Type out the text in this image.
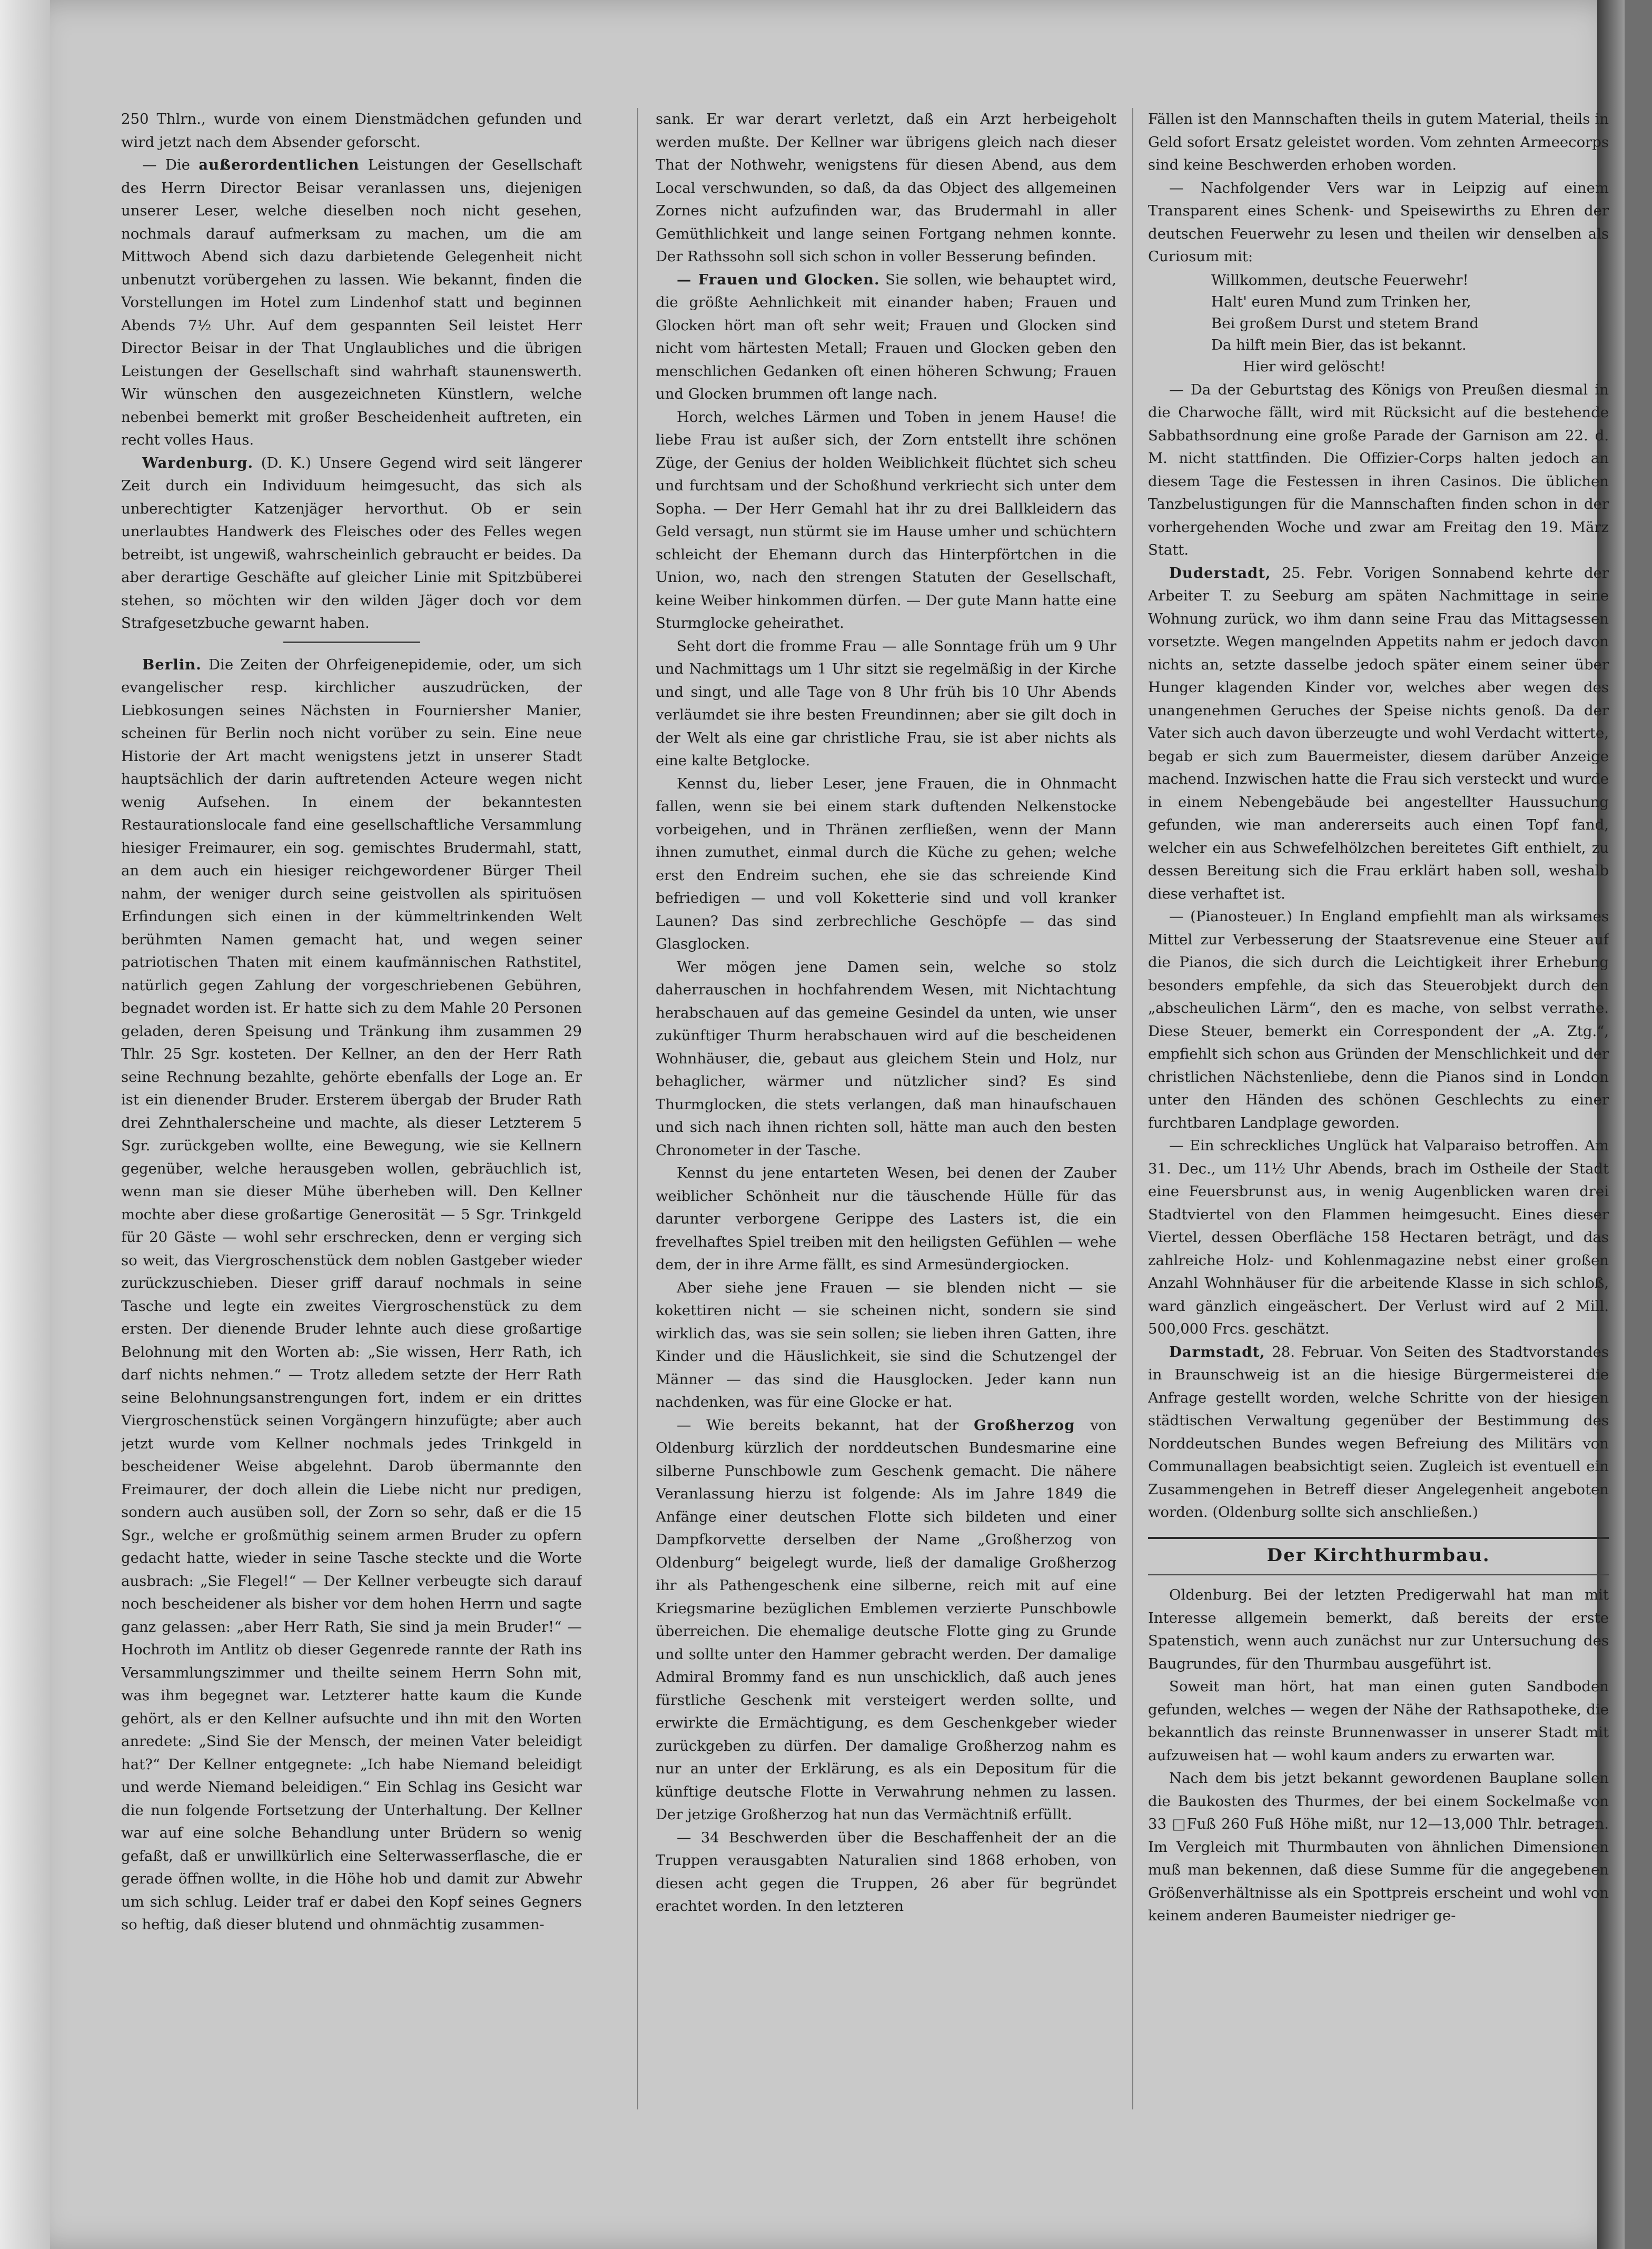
250 Thlrn., wurde von einem Dienstmädchen gefunden und wird jetzt nach dem Absender geforscht.

— Die außerordentlichen Leistungen der Gesellschaft des Herrn Director Beisar veranlassen uns, diejenigen unserer Leser, welche dieselben noch nicht gesehen, nochmals darauf aufmerksam zu machen, um die am Mittwoch Abend sich dazu darbietende Gelegenheit nicht unbenutzt vorübergehen zu lassen. Wie bekannt, finden die Vorstellungen im Hotel zum Lindenhof statt und beginnen Abends 7½ Uhr. Auf dem gespannten Seil leistet Herr Director Beisar in der That Unglaubliches und die übrigen Leistungen der Gesellschaft sind wahrhaft staunenswerth. Wir wünschen den ausgezeichneten Künstlern, welche nebenbei bemerkt mit großer Bescheidenheit auftreten, ein recht volles Haus.

Wardenburg. (D. K.) Unsere Gegend wird seit längerer Zeit durch ein Individuum heimgesucht, das sich als unberechtigter Katzenjäger hervorthut. Ob er sein unerlaubtes Handwerk des Fleisches oder des Felles wegen betreibt, ist ungewiß, wahrscheinlich gebraucht er beides. Da aber derartige Geschäfte auf gleicher Linie mit Spitzbüberei stehen, so möchten wir den wilden Jäger doch vor dem Strafgesetzbuche gewarnt haben.

Berlin. Die Zeiten der Ohrfeigenepidemie, oder, um sich evangelischer resp. kirchlicher auszudrücken, der Liebkosungen seines Nächsten in Fourniersher Manier, scheinen für Berlin noch nicht vorüber zu sein. Eine neue Historie der Art macht wenigstens jetzt in unserer Stadt hauptsächlich der darin auftretenden Acteure wegen nicht wenig Aufsehen. In einem der bekanntesten Restaurationslocale fand eine gesellschaftliche Versammlung hiesiger Freimaurer, ein sog. gemischtes Brudermahl, statt, an dem auch ein hiesiger reichgewordener Bürger Theil nahm, der weniger durch seine geistvollen als spirituösen Erfindungen sich einen in der kümmeltrinkenden Welt berühmten Namen gemacht hat, und wegen seiner patriotischen Thaten mit einem kaufmännischen Rathstitel, natürlich gegen Zahlung der vorgeschriebenen Gebühren, begnadet worden ist. Er hatte sich zu dem Mahle 20 Personen geladen, deren Speisung und Tränkung ihm zusammen 29 Thlr. 25 Sgr. kosteten. Der Kellner, an den der Herr Rath seine Rechnung bezahlte, gehörte ebenfalls der Loge an. Er ist ein dienender Bruder. Ersterem übergab der Bruder Rath drei Zehnthalerscheine und machte, als dieser Letzterem 5 Sgr. zurückgeben wollte, eine Bewegung, wie sie Kellnern gegenüber, welche herausgeben wollen, gebräuchlich ist, wenn man sie dieser Mühe überheben will. Den Kellner mochte aber diese großartige Generosität — 5 Sgr. Trinkgeld für 20 Gäste — wohl sehr erschrecken, denn er verging sich so weit, das Viergroschenstück dem noblen Gastgeber wieder zurückzuschieben. Dieser griff darauf nochmals in seine Tasche und legte ein zweites Viergroschenstück zu dem ersten. Der dienende Bruder lehnte auch diese großartige Belohnung mit den Worten ab: „Sie wissen, Herr Rath, ich darf nichts nehmen.“ — Trotz alledem setzte der Herr Rath seine Belohnungsanstrengungen fort, indem er ein drittes Viergroschenstück seinen Vorgängern hinzufügte; aber auch jetzt wurde vom Kellner nochmals jedes Trinkgeld in bescheidener Weise abgelehnt. Darob übermannte den Freimaurer, der doch allein die Liebe nicht nur predigen, sondern auch ausüben soll, der Zorn so sehr, daß er die 15 Sgr., welche er großmüthig seinem armen Bruder zu opfern gedacht hatte, wieder in seine Tasche steckte und die Worte ausbrach: „Sie Flegel!“ — Der Kellner verbeugte sich darauf noch bescheidener als bisher vor dem hohen Herrn und sagte ganz gelassen: „aber Herr Rath, Sie sind ja mein Bruder!“ — Hochroth im Antlitz ob dieser Gegenrede rannte der Rath ins Versammlungszimmer und theilte seinem Herrn Sohn mit, was ihm begegnet war. Letzterer hatte kaum die Kunde gehört, als er den Kellner aufsuchte und ihn mit den Worten anredete: „Sind Sie der Mensch, der meinen Vater beleidigt hat?“ Der Kellner entgegnete: „Ich habe Niemand beleidigt und werde Niemand beleidigen.“ Ein Schlag ins Gesicht war die nun folgende Fortsetzung der Unterhaltung. Der Kellner war auf eine solche Behandlung unter Brüdern so wenig gefaßt, daß er unwillkürlich eine Selterwasserflasche, die er gerade öffnen wollte, in die Höhe hob und damit zur Abwehr um sich schlug. Leider traf er dabei den Kopf seines Gegners so heftig, daß dieser blutend und ohnmächtig zusammen-

sank. Er war derart verletzt, daß ein Arzt herbeigeholt werden mußte. Der Kellner war übrigens gleich nach dieser That der Nothwehr, wenigstens für diesen Abend, aus dem Local verschwunden, so daß, da das Object des allgemeinen Zornes nicht aufzufinden war, das Brudermahl in aller Gemüthlichkeit und lange seinen Fortgang nehmen konnte. Der Rathssohn soll sich schon in voller Besserung befinden.

— Frauen und Glocken. Sie sollen, wie behauptet wird, die größte Aehnlichkeit mit einander haben; Frauen und Glocken hört man oft sehr weit; Frauen und Glocken sind nicht vom härtesten Metall; Frauen und Glocken geben den menschlichen Gedanken oft einen höheren Schwung; Frauen und Glocken brummen oft lange nach.

Horch, welches Lärmen und Toben in jenem Hause! die liebe Frau ist außer sich, der Zorn entstellt ihre schönen Züge, der Genius der holden Weiblichkeit flüchtet sich scheu und furchtsam und der Schoßhund verkriecht sich unter dem Sopha. — Der Herr Gemahl hat ihr zu drei Ballkleidern das Geld versagt, nun stürmt sie im Hause umher und schüchtern schleicht der Ehemann durch das Hinterpförtchen in die Union, wo, nach den strengen Statuten der Gesellschaft, keine Weiber hinkommen dürfen. — Der gute Mann hatte eine Sturmglocke geheirathet.

Seht dort die fromme Frau — alle Sonntage früh um 9 Uhr und Nachmittags um 1 Uhr sitzt sie regelmäßig in der Kirche und singt, und alle Tage von 8 Uhr früh bis 10 Uhr Abends verläumdet sie ihre besten Freundinnen; aber sie gilt doch in der Welt als eine gar christliche Frau, sie ist aber nichts als eine kalte Betglocke.

Kennst du, lieber Leser, jene Frauen, die in Ohnmacht fallen, wenn sie bei einem stark duftenden Nelkenstocke vorbeigehen, und in Thränen zerfließen, wenn der Mann ihnen zumuthet, einmal durch die Küche zu gehen; welche erst den Endreim suchen, ehe sie das schreiende Kind befriedigen — und voll Koketterie sind und voll kranker Launen? Das sind zerbrechliche Geschöpfe — das sind Glasglocken.

Wer mögen jene Damen sein, welche so stolz daherrauschen in hochfahrendem Wesen, mit Nichtachtung herabschauen auf das gemeine Gesindel da unten, wie unser zukünftiger Thurm herabschauen wird auf die bescheidenen Wohnhäuser, die, gebaut aus gleichem Stein und Holz, nur behaglicher, wärmer und nützlicher sind? Es sind Thurmglocken, die stets verlangen, daß man hinaufschauen und sich nach ihnen richten soll, hätte man auch den besten Chronometer in der Tasche.

Kennst du jene entarteten Wesen, bei denen der Zauber weiblicher Schönheit nur die täuschende Hülle für das darunter verborgene Gerippe des Lasters ist, die ein frevelhaftes Spiel treiben mit den heiligsten Gefühlen — wehe dem, der in ihre Arme fällt, es sind Armesündergiocken.

Aber siehe jene Frauen — sie blenden nicht — sie kokettiren nicht — sie scheinen nicht, sondern sie sind wirklich das, was sie sein sollen; sie lieben ihren Gatten, ihre Kinder und die Häuslichkeit, sie sind die Schutzengel der Männer — das sind die Hausglocken. Jeder kann nun nachdenken, was für eine Glocke er hat.

— Wie bereits bekannt, hat der Großherzog von Oldenburg kürzlich der norddeutschen Bundesmarine eine silberne Punschbowle zum Geschenk gemacht. Die nähere Veranlassung hierzu ist folgende: Als im Jahre 1849 die Anfänge einer deutschen Flotte sich bildeten und einer Dampfkorvette derselben der Name „Großherzog von Oldenburg“ beigelegt wurde, ließ der damalige Großherzog ihr als Pathengeschenk eine silberne, reich mit auf eine Kriegsmarine bezüglichen Emblemen verzierte Punschbowle überreichen. Die ehemalige deutsche Flotte ging zu Grunde und sollte unter den Hammer gebracht werden. Der damalige Admiral Brommy fand es nun unschicklich, daß auch jenes fürstliche Geschenk mit versteigert werden sollte, und erwirkte die Ermächtigung, es dem Geschenkgeber wieder zurückgeben zu dürfen. Der damalige Großherzog nahm es nur an unter der Erklärung, es als ein Depositum für die künftige deutsche Flotte in Verwahrung nehmen zu lassen. Der jetzige Großherzog hat nun das Vermächtniß erfüllt.

— 34 Beschwerden über die Beschaffenheit der an die Truppen verausgabten Naturalien sind 1868 erhoben, von diesen acht gegen die Truppen, 26 aber für begründet erachtet worden. In den letzteren

Fällen ist den Mannschaften theils in gutem Material, theils in Geld sofort Ersatz geleistet worden. Vom zehnten Armeecorps sind keine Beschwerden erhoben worden.

— Nachfolgender Vers war in Leipzig auf einem Transparent eines Schenk- und Speisewirths zu Ehren der deutschen Feuerwehr zu lesen und theilen wir denselben als Curiosum mit:

Willkommen, deutsche Feuerwehr!
Halt' euren Mund zum Trinken her,
Bei großem Durst und stetem Brand
Da hilft mein Bier, das ist bekannt.
Hier wird gelöscht!

— Da der Geburtstag des Königs von Preußen diesmal in die Charwoche fällt, wird mit Rücksicht auf die bestehende Sabbathsordnung eine große Parade der Garnison am 22. d. M. nicht stattfinden. Die Offizier-Corps halten jedoch an diesem Tage die Festessen in ihren Casinos. Die üblichen Tanzbelustigungen für die Mannschaften finden schon in der vorhergehenden Woche und zwar am Freitag den 19. März Statt.

Duderstadt, 25. Febr. Vorigen Sonnabend kehrte der Arbeiter T. zu Seeburg am späten Nachmittage in seine Wohnung zurück, wo ihm dann seine Frau das Mittagsessen vorsetzte. Wegen mangelnden Appetits nahm er jedoch davon nichts an, setzte dasselbe jedoch später einem seiner über Hunger klagenden Kinder vor, welches aber wegen des unangenehmen Geruches der Speise nichts genoß. Da der Vater sich auch davon überzeugte und wohl Verdacht witterte, begab er sich zum Bauermeister, diesem darüber Anzeige machend. Inzwischen hatte die Frau sich versteckt und wurde in einem Nebengebäude bei angestellter Haussuchung gefunden, wie man andererseits auch einen Topf fand, welcher ein aus Schwefelhölzchen bereitetes Gift enthielt, zu dessen Bereitung sich die Frau erklärt haben soll, weshalb diese verhaftet ist.

— (Pianosteuer.) In England empfiehlt man als wirksames Mittel zur Verbesserung der Staatsrevenue eine Steuer auf die Pianos, die sich durch die Leichtigkeit ihrer Erhebung besonders empfehle, da sich das Steuerobjekt durch den „abscheulichen Lärm“, den es mache, von selbst verrathe. Diese Steuer, bemerkt ein Correspondent der „A. Ztg.“, empfiehlt sich schon aus Gründen der Menschlichkeit und der christlichen Nächstenliebe, denn die Pianos sind in London unter den Händen des schönen Geschlechts zu einer furchtbaren Landplage geworden.

— Ein schreckliches Unglück hat Valparaiso betroffen. Am 31. Dec., um 11½ Uhr Abends, brach im Ostheile der Stadt eine Feuersbrunst aus, in wenig Augenblicken waren drei Stadtviertel von den Flammen heimgesucht. Eines dieser Viertel, dessen Oberfläche 158 Hectaren beträgt, und das zahlreiche Holz- und Kohlenmagazine nebst einer großen Anzahl Wohnhäuser für die arbeitende Klasse in sich schloß, ward gänzlich eingeäschert. Der Verlust wird auf 2 Mill. 500,000 Frcs. geschätzt.

Darmstadt, 28. Februar. Von Seiten des Stadtvorstandes in Braunschweig ist an die hiesige Bürgermeisterei die Anfrage gestellt worden, welche Schritte von der hiesigen städtischen Verwaltung gegenüber der Bestimmung des Norddeutschen Bundes wegen Befreiung des Militärs von Communallagen beabsichtigt seien. Zugleich ist eventuell ein Zusammengehen in Betreff dieser Angelegenheit angeboten worden. (Oldenburg sollte sich anschließen.)

Der Kirchthurmbau.

Oldenburg. Bei der letzten Predigerwahl hat man mit Interesse allgemein bemerkt, daß bereits der erste Spatenstich, wenn auch zunächst nur zur Untersuchung des Baugrundes, für den Thurmbau ausgeführt ist.

Soweit man hört, hat man einen guten Sandboden gefunden, welches — wegen der Nähe der Rathsapotheke, die bekanntlich das reinste Brunnenwasser in unserer Stadt mit aufzuweisen hat — wohl kaum anders zu erwarten war.

Nach dem bis jetzt bekannt gewordenen Bauplane sollen die Baukosten des Thurmes, der bei einem Sockelmaße von 33 □Fuß 260 Fuß Höhe mißt, nur 12—13,000 Thlr. betragen. Im Vergleich mit Thurmbauten von ähnlichen Dimensionen muß man bekennen, daß diese Summe für die angegebenen Größenverhältnisse als ein Spottpreis erscheint und wohl von keinem anderen Baumeister niedriger ge-
